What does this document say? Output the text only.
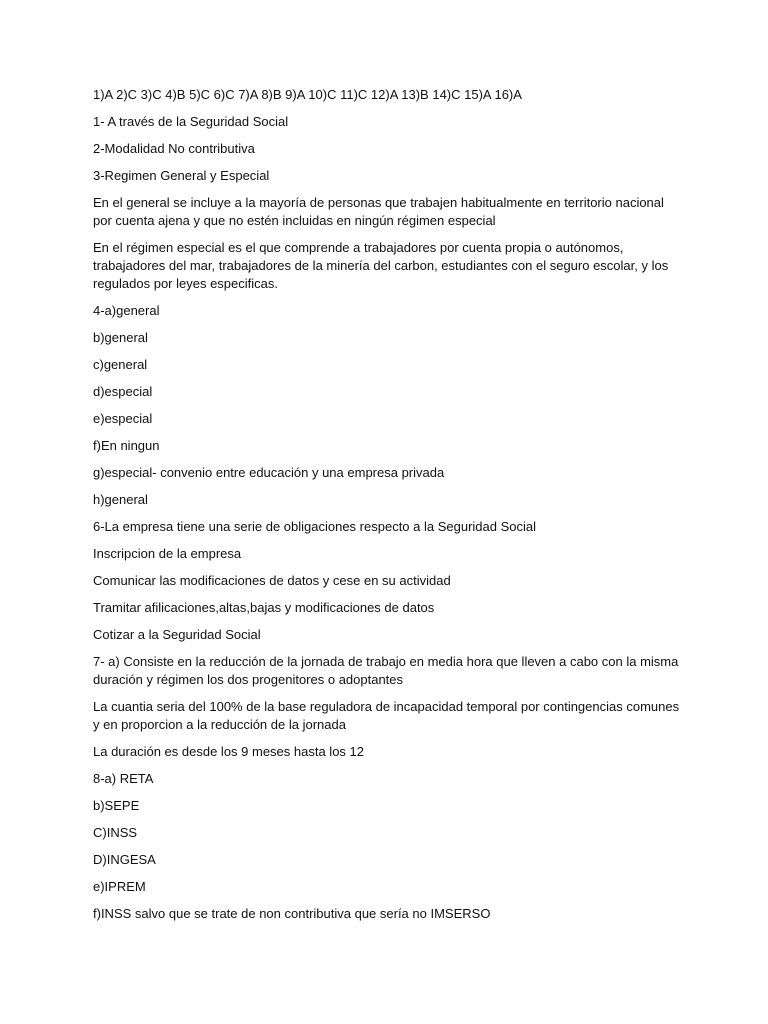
1)A 2)C 3)C 4)B 5)C 6)C 7)A 8)B 9)A 10)C 11)C 12)A 13)B 14)C 15)A 16)A

1- A través de la Seguridad Social

2-Modalidad No contributiva

3-Regimen General y Especial

En el general se incluye a la mayoría de personas que trabajen habitualmente en territorio nacional por cuenta ajena y que no estén incluidas en ningún régimen especial

En el régimen especial es el que comprende a trabajadores por cuenta propia o autónomos, trabajadores del mar, trabajadores de la minería del carbon, estudiantes con el seguro escolar, y los regulados por leyes especificas.

4-a)general

b)general

c)general

d)especial

e)especial

f)En ningun

g)especial- convenio entre educación y una empresa privada

h)general

6-La empresa tiene una serie de obligaciones respecto a la Seguridad Social

Inscripcion de la empresa

Comunicar las modificaciones de datos y cese en su actividad

Tramitar afilicaciones,altas,bajas y modificaciones de datos

Cotizar a la Seguridad Social

7- a) Consiste en la reducción de la jornada de trabajo en media hora que lleven a cabo con la misma duración y régimen los dos progenitores o adoptantes

La cuantia seria del 100% de la base reguladora de incapacidad temporal por contingencias comunes y en proporcion a la reducción de la jornada

La duración es desde los 9 meses hasta los 12

8-a) RETA

b)SEPE

C)INSS

D)INGESA

e)IPREM

f)INSS salvo que se trate de non contributiva que sería no IMSERSO
